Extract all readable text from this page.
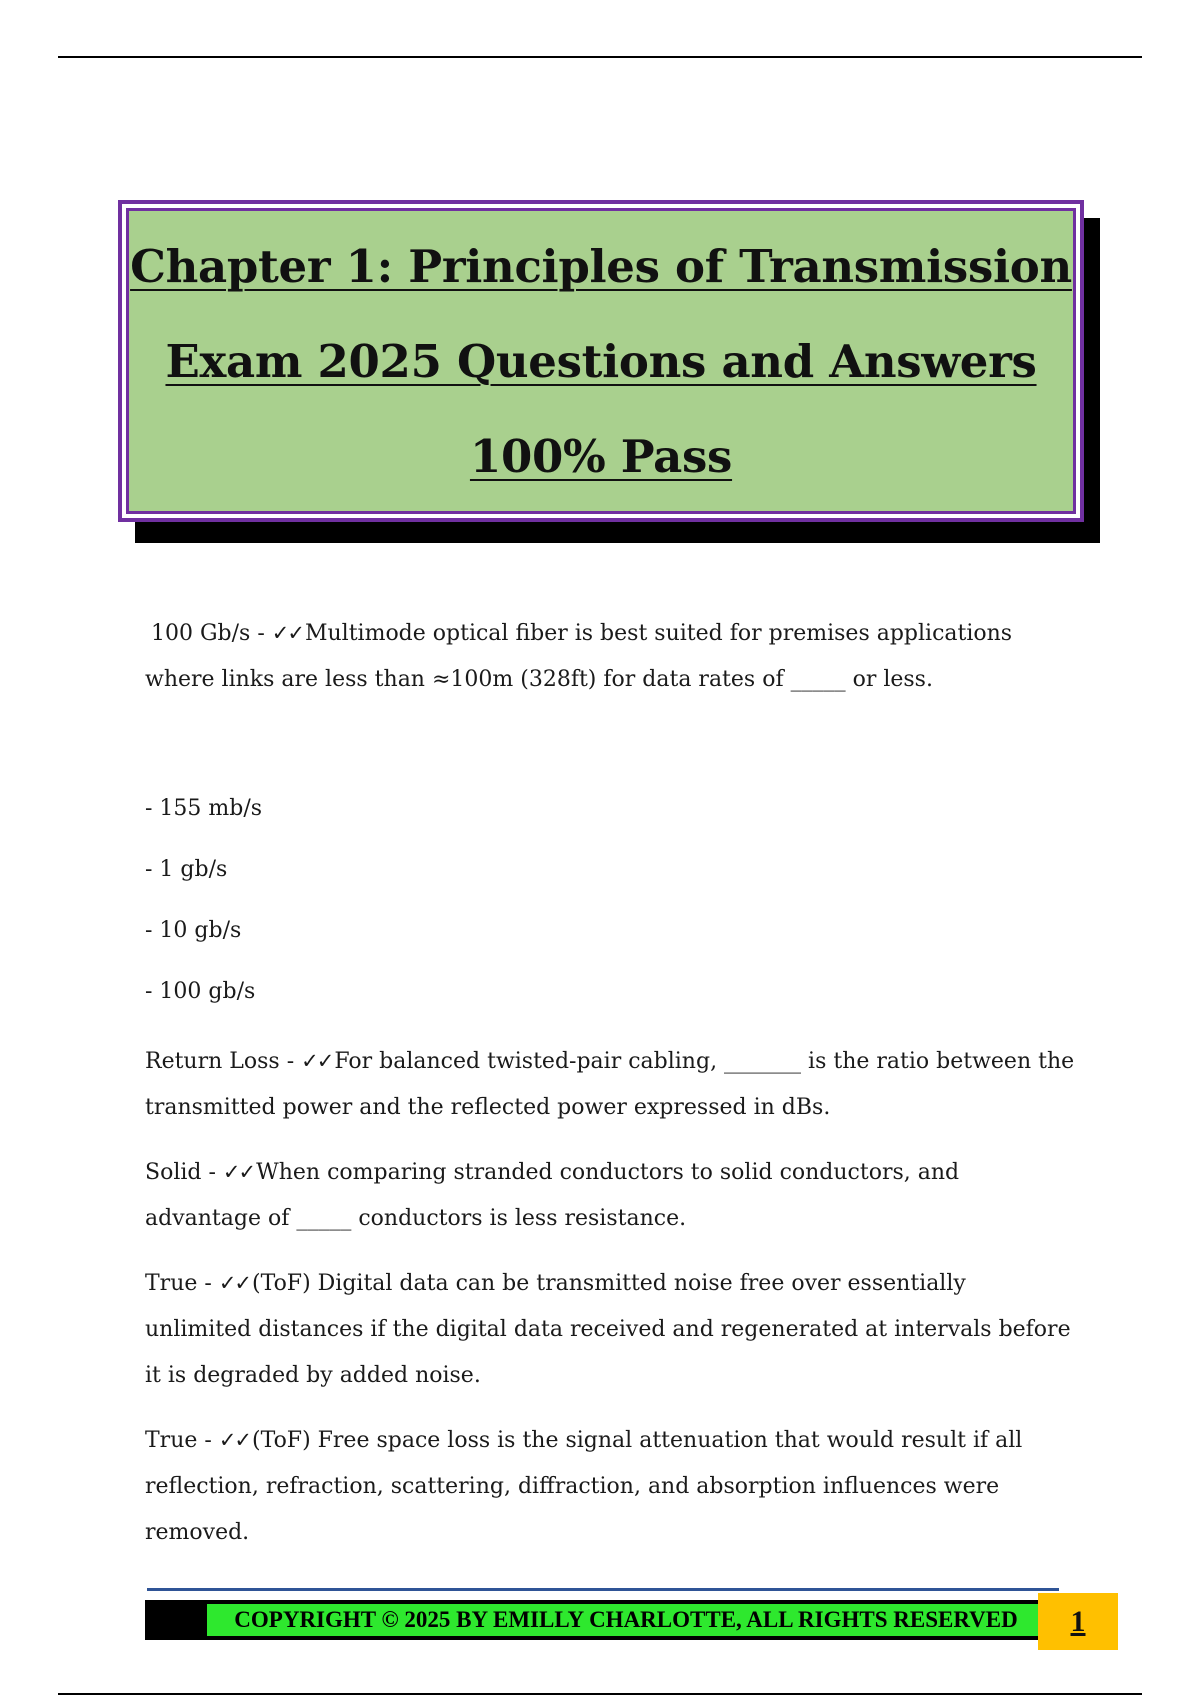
Chapter 1: Principles of Transmission
Exam 2025 Questions and Answers
100% Pass

100 Gb/s - ✓✓Multimode optical fiber is best suited for premises applications

where links are less than ≈100m (328ft) for data rates of _____ or less.

- 155 mb/s

- 1 gb/s

- 10 gb/s

- 100 gb/s

Return Loss - ✓✓For balanced twisted-pair cabling, _______ is the ratio between the transmitted power and the reflected power expressed in dBs.

Solid - ✓✓When comparing stranded conductors to solid conductors, and advantage of _____ conductors is less resistance.

True - ✓✓(ToF) Digital data can be transmitted noise free over essentially unlimited distances if the digital data received and regenerated at intervals before it is degraded by added noise.

True - ✓✓(ToF) Free space loss is the signal attenuation that would result if all reflection, refraction, scattering, diffraction, and absorption influences were removed.

COPYRIGHT © 2025 BY EMILLY CHARLOTTE, ALL RIGHTS RESERVED	1
